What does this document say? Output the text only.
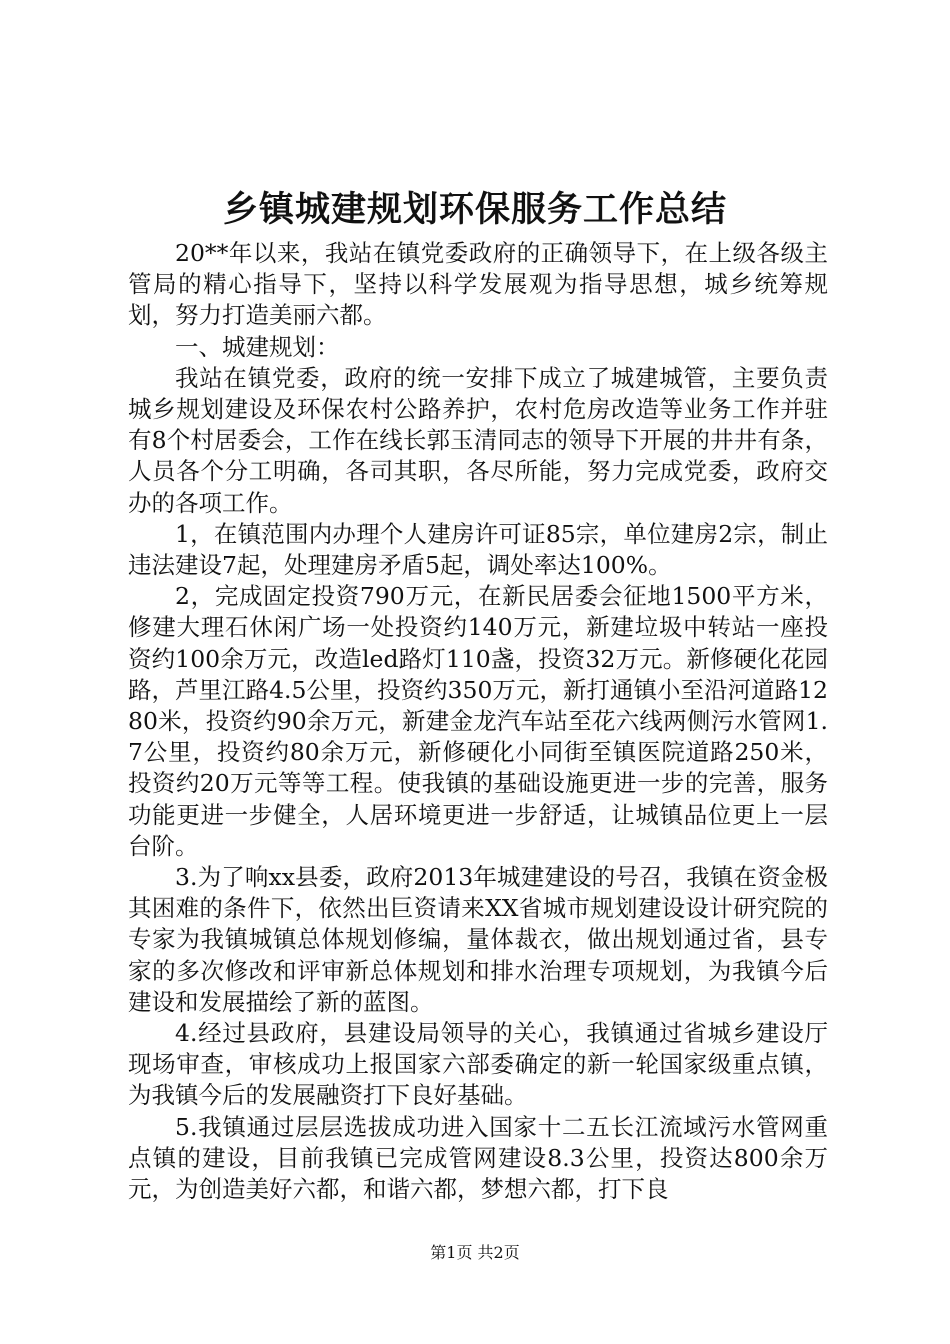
乡镇城建规划环保服务工作总结

20**年以来，我站在镇党委政府的正确领导下，在上级各级主管局的精心指导下，坚持以科学发展观为指导思想，城乡统筹规划，努力打造美丽六都。

一、城建规划：

我站在镇党委，政府的统一安排下成立了城建城管，主要负责城乡规划建设及环保农村公路养护，农村危房改造等业务工作并驻有8个村居委会，工作在线长郭玉清同志的领导下开展的井井有条，人员各个分工明确，各司其职，各尽所能，努力完成党委，政府交办的各项工作。

1，在镇范围内办理个人建房许可证85宗，单位建房2宗，制止违法建设7起，处理建房矛盾5起，调处率达100%。

2，完成固定投资790万元，在新民居委会征地1500平方米，修建大理石休闲广场一处投资约140万元，新建垃圾中转站一座投资约100余万元，改造led路灯110盏，投资32万元。新修硬化花园路，芦里江路4.5公里，投资约350万元，新打通镇小至沿河道路1280米，投资约90余万元，新建金龙汽车站至花六线两侧污水管网1.7公里，投资约80余万元，新修硬化小同街至镇医院道路250米，投资约20万元等等工程。使我镇的基础设施更进一步的完善，服务功能更进一步健全，人居环境更进一步舒适，让城镇品位更上一层台阶。

3.为了响xx县委，政府2013年城建建设的号召，我镇在资金极其困难的条件下，依然出巨资请来XX省城市规划建设设计研究院的专家为我镇城镇总体规划修编，量体裁衣，做出规划通过省，县专家的多次修改和评审新总体规划和排水治理专项规划，为我镇今后建设和发展描绘了新的蓝图。

4.经过县政府，县建设局领导的关心，我镇通过省城乡建设厅现场审查，审核成功上报国家六部委确定的新一轮国家级重点镇，为我镇今后的发展融资打下良好基础。

5.我镇通过层层选拔成功进入国家十二五长江流域污水管网重点镇的建设，目前我镇已完成管网建设8.3公里，投资达800余万元，为创造美好六都，和谐六都，梦想六都，打下良

第1页 共2页
